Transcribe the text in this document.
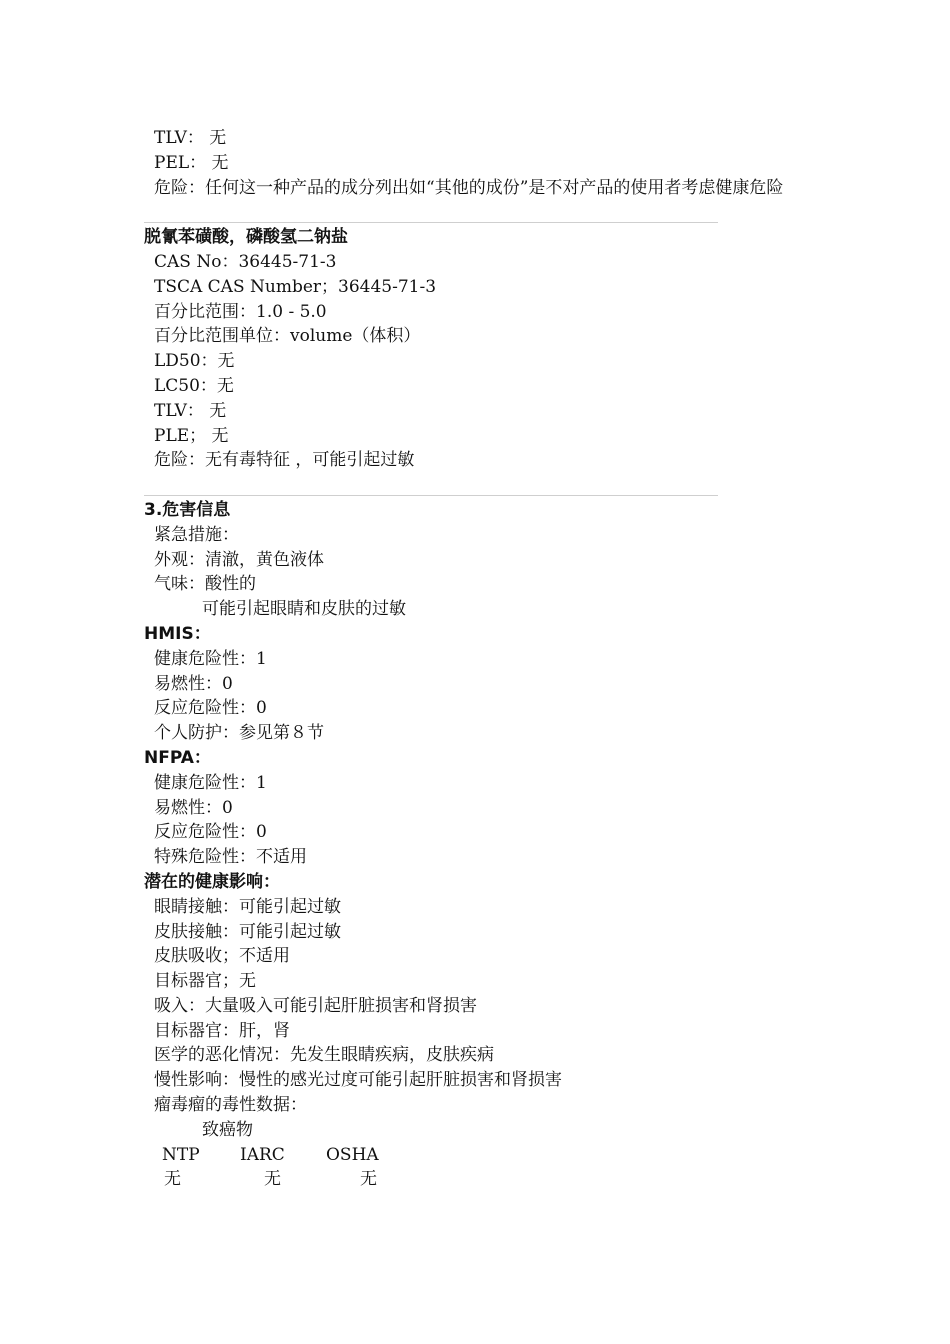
TLV： 无
PEL： 无
危险：任何这一种产品的成分列出如“其他的成份”是不对产品的使用者考虑健康危险
脱氰苯磺酸，磷酸氢二钠盐
CAS No：36445-71-3
TSCA CAS Number；36445-71-3
百分比范围：1.0 - 5.0
百分比范围单位：volume（体积）
LD50：无
LC50：无
TLV： 无
PLE； 无
危险：无有毒特征 ，可能引起过敏
3.危害信息
紧急措施：
外观：清澈，黄色液体
气味：酸性的
可能引起眼睛和皮肤的过敏
HMIS：
健康危险性：1
易燃性：0
反应危险性：0
个人防护：参见第８节
NFPA：
健康危险性：1
易燃性：0
反应危险性：0
特殊危险性：不适用
潜在的健康影响：
眼睛接触：可能引起过敏
皮肤接触：可能引起过敏
皮肤吸收；不适用
目标器官；无
吸入：大量吸入可能引起肝脏损害和肾损害
目标器官：肝，肾
医学的恶化情况：先发生眼睛疾病，皮肤疾病
慢性影响：慢性的感光过度可能引起肝脏损害和肾损害
瘤毒瘤的毒性数据：
致癌物
NTP	IARC	OSHA
无	无	无
